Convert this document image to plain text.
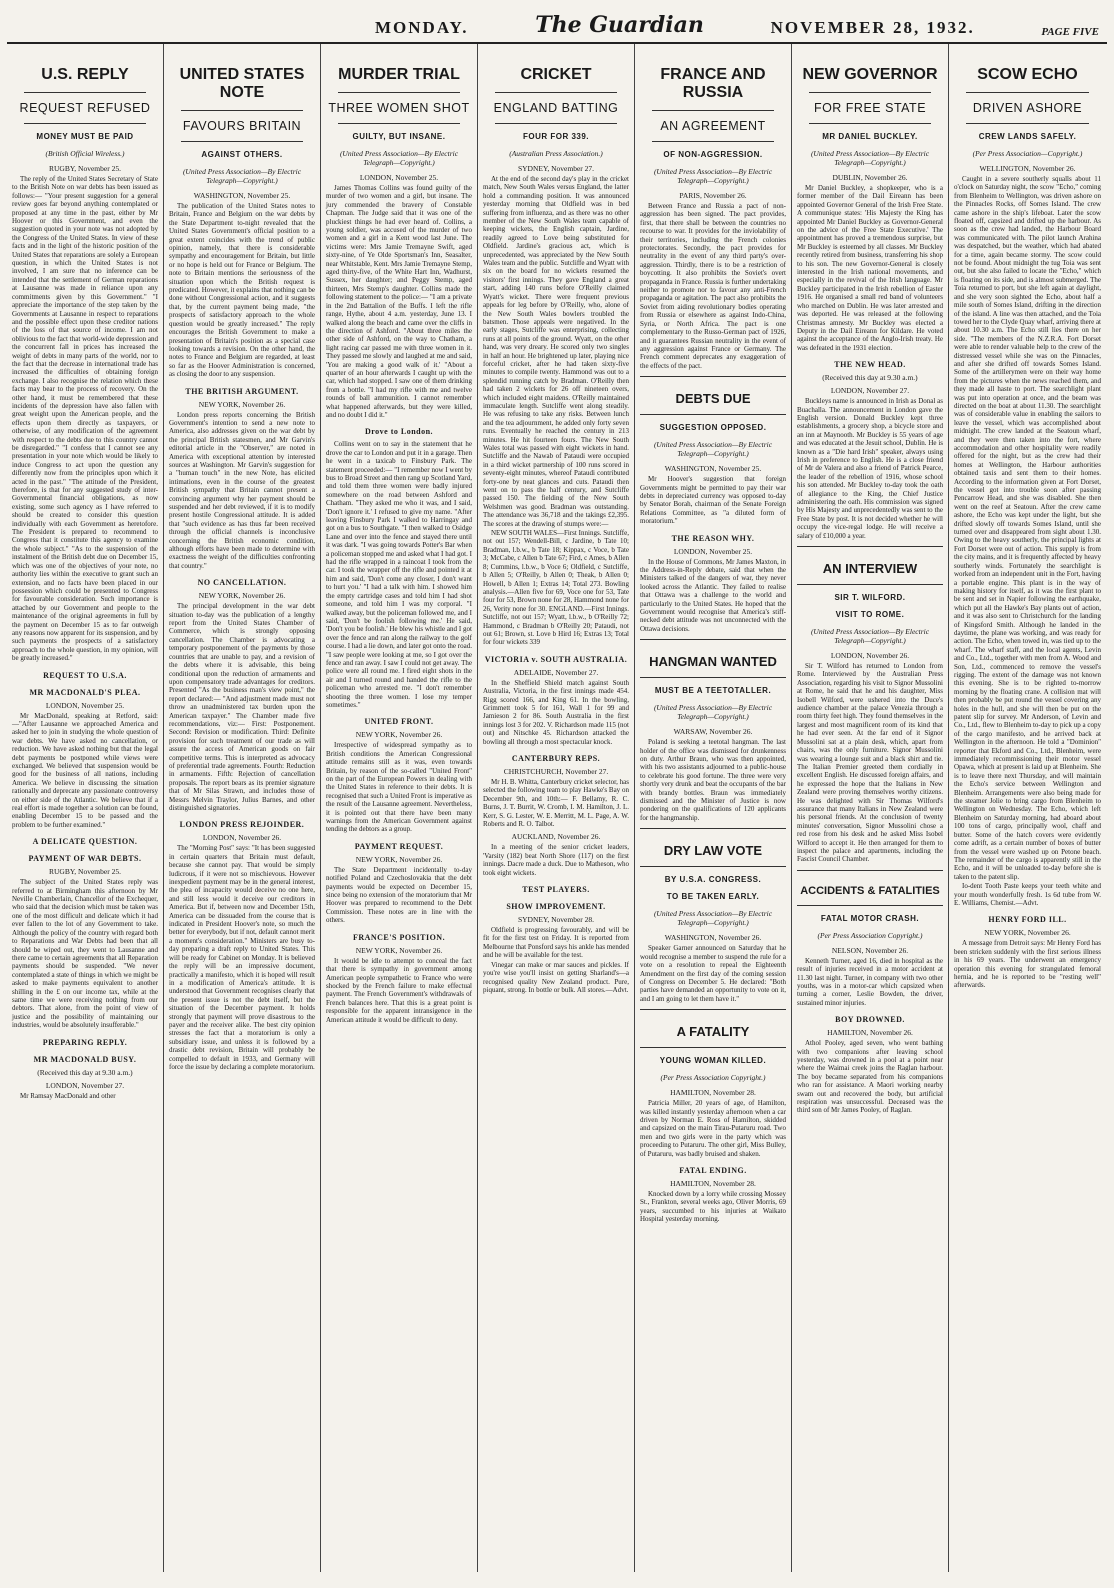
MONDAY.	The Guardian	NOVEMBER 28, 1932.	PAGE FIVE
U.S. REPLY
REQUEST REFUSED
MONEY MUST BE PAID
(British Official Wireless.)
RUGBY, November 25.

The reply of the United States Secretary of State to the British Note on war debts has been issued as follows:— "Your present suggestion for a general review goes far beyond anything contemplated or proposed at any time in the past, either by Mr Hoover or this Government, and even the suggestion quoted in your note was not adopted by the Congress of the United States. In view of these facts and in the light of the historic position of the United States that reparations are solely a European question, in which the United States is not involved, I am sure that no inference can be intended that the settlement of German reparations at Lausanne was made in reliance upon any commitments given by this Government." "I appreciate the importance of the step taken by the Governments at Lausanne in respect to reparations and the possible effect upon these creditor nations of the loss of that source of income. I am not oblivious to the fact that world-wide depression and the concurrent fall in prices has increased the weight of debts in many parts of the world, nor to the fact that the decrease in international trade has increased the difficulties of obtaining foreign exchange. I also recognise the relation which these facts may bear to the process of recovery. On the other hand, it must be remembered that these incidents of the depression have also fallen with great weight upon the American people, and the effects upon them directly as taxpayers, or otherwise, of any modification of the agreement with respect to the debts due to this country cannot be disregarded." "I confess that I cannot see any presentation in your note which would be likely to induce Congress to act upon the question any differently now from the principles upon which it acted in the past." "The attitude of the President, therefore, is that for any suggested study of inter-Governmental financial obligations, as now existing, some such agency as I have referred to should be created to consider this question individually with each Government as heretofore. The President is prepared to recommend to Congress that it constitute this agency to examine the whole subject." "As to the suspension of the instalment of the British debt due on December 15, which was one of the objectives of your note, no authority lies within the executive to grant such an extension, and no facts have been placed in our possession which could be presented to Congress for favourable consideration. Such importance is attached by our Government and people to the maintenance of the original agreements in full by the payment on December 15 as to far outweigh any reasons now apparent for its suspension, and by such payments the prospects of a satisfactory approach to the whole question, in my opinion, will be greatly increased."

REQUEST TO U.S.A.
MR MACDONALD'S PLEA.
LONDON, November 25.

Mr MacDonald, speaking at Retford, said:—"After Lausanne we approached America and asked her to join in studying the whole question of war debts. We have asked no cancellation, or reduction. We have asked nothing but that the legal debt payments be postponed while views were exchanged. We believed that suspension would be good for the business of all nations, including America. We believe in discussing the situation rationally and deprecate any passionate controversy on either side of the Atlantic. We believe that if a real effort is made together a solution can be found, enabling December 15 to be passed and the problem to be further examined."

A DELICATE QUESTION.
PAYMENT OF WAR DEBTS.
RUGBY, November 25.

The subject of the United States reply was referred to at Birmingham this afternoon by Mr Neville Chamberlain, Chancellor of the Exchequer, who said that the decision which must be taken was one of the most difficult and delicate which it had ever fallen to the lot of any Government to take. Although the policy of the country with regard both to Reparations and War Debts had been that all should be wiped out, they went to Lausanne and there came to certain agreements that all Reparation payments should be suspended. "We never contemplated a state of things in which we might be asked to make payments equivalent to another shilling in the £ on our income tax, while at the same time we were receiving nothing from our debtors. That alone, from the point of view of justice and the possibility of maintaining our industries, would be absolutely insufferable."

PREPARING REPLY.
MR MACDONALD BUSY.
(Received this day at 9.30 a.m.)
LONDON, November 27.

Mr Ramsay MacDonald and other

UNITED STATES NOTE
FAVOURS BRITAIN
AGAINST OTHERS.
(United Press Association—By Electric Telegraph—Copyright.)
WASHINGTON, November 25.

The publication of the United States notes to Britain, France and Belgium on the war debts by the State Department to-night revealed that the United States Government's official position to a great extent coincides with the trend of public opinion, namely, that there is considerable sympathy and encouragement for Britain, but little or no hope is held out for France or Belgium. The note to Britain mentions the seriousness of the situation upon which the British request is predicated. However, it explains that nothing can be done without Congressional action, and it suggests that, by the current payment being made, "the prospects of satisfactory approach to the whole question would be greatly increased." The reply encourages the British Government to make a presentation of Britain's position as a special case looking towards a revision. On the other hand, the notes to France and Belgium are regarded, at least so far as the Hoover Administration is concerned, as closing the door to any suspension.

THE BRITISH ARGUMENT.
NEW YORK, November 26.

London press reports concerning the British Government's intention to send a new note to America, also addresses given on the war debt by the principal British statesmen, and Mr Garvin's editorial article in the "Observer," are noted in America with exceptional attention by interested sources at Washington. Mr Garvin's suggestion for a "human touch" in the new Note, has elicited intimations, even in the course of the greatest British sympathy that Britain cannot present a convincing argument why her payment should be suspended and her debt reviewed, if it is to modify present hostile Congressional attitude. It is added that "such evidence as has thus far been received through the official channels is inconclusive concerning the British economic condition, although efforts have been made to determine with exactness the weight of the difficulties confronting that country."

NO CANCELLATION.
NEW YORK, November 26.

The principal development in the war debt situation to-day was the publication of a lengthy report from the United States Chamber of Commerce, which is strongly opposing cancellation. The Chamber is advocating a temporary postponement of the payments by those countries that are unable to pay, and a revision of the debts where it is advisable, this being conditional upon the reduction of armaments and upon compensatory trade advantages for creditors. Presented "As the business man's view point," the report declared:— "And adjustment made must not throw an unadministered tax burden upon the American taxpayer." The Chamber made five recommendations, viz:— First: Postponement. Second: Revision or modification. Third: Definite provision for such treatment of our trade as will assure the access of American goods on fair competitive terms. This is interpreted as advocacy of preferential trade agreements. Fourth: Reduction in armaments. Fifth: Rejection of cancellation proposals. The report bears as its premier signature that of Mr Silas Strawn, and includes those of Messrs Melvin Traylor, Julius Barnes, and other distinguished signatories.

LONDON PRESS REJOINDER.
LONDON, November 26.

The "Morning Post" says: "It has been suggested in certain quarters that Britain must default, because she cannot pay. That would be simply ludicrous, if it were not so mischievous. However inexpedient payment may be in the general interest, the plea of incapacity would deceive no one here, and still less would it deceive our creditors in America. But if, between now and December 15th, America can be dissuaded from the course that is indicated in President Hoover's note, so much the better for everybody, but if not, default cannot merit a moment's consideration." Ministers are busy to-day preparing a draft reply to United States. This will be ready for Cabinet on Monday. It is believed the reply will be an impressive document, practically a manifesto, which it is hoped will result in a modification of America's attitude. It is understood that Government recognises clearly that the present issue is not the debt itself, but the situation of the December payment. It holds strongly that payment will prove disastrous to the payer and the receiver alike. The best city opinion stresses the fact that a moratorium is only a subsidiary issue, and unless it is followed by a drastic debt revision, Britain will probably be compelled to default in 1933, and Germany will force the issue by declaring a complete moratorium.

MURDER TRIAL
THREE WOMEN SHOT
GUILTY, BUT INSANE.
(United Press Association—By Electric Telegraph—Copyright.)
LONDON, November 25.

James Thomas Collins was found guilty of the murder of two women and a girl, but insane. The jury commended the bravery of Constable Chapman. The Judge said that it was one of the pluckiest things he had ever heard of. Collins, a young soldier, was accused of the murder of two women and a girl in a Kent wood last June. The victims were: Mrs Jamie Tremayne Swift, aged sixty-nine, of Ye Olde Sportsman's Inn, Seasalter, near Whitstable, Kent. Mrs Jamie Tremayne Stemp, aged thirty-five, of the White Hart Inn, Wadhurst, Sussex, her daughter; and Peggy Stemp, aged thirteen, Mrs Stemp's daughter. Collins made the following statement to the police:— "I am a private in the 2nd Battalion of the Buffs. I left the rifle range, Hythe, about 4 a.m. yesterday, June 13. I walked along the beach and came over the cliffs in the direction of Ashford. "About three miles the other side of Ashford, on the way to Chatham, a light racing car passed me with three women in it. They passed me slowly and laughed at me and said, 'You are making a good walk of it.' "About a quarter of an hour afterwards I caught up with the car, which had stopped. I saw one of them drinking from a bottle. "I had my rifle with me and twelve rounds of ball ammunition. I cannot remember what happened afterwards, but they were killed, and no doubt I did it."

Drove to London.

Collins went on to say in the statement that he drove the car to London and put it in a garage. Then he went in a taxicab to Finsbury Park. The statement proceeded:— "I remember now I went by bus to Broad Street and then rang up Scotland Yard, and told them three women were badly injured somewhere on the road between Ashford and Chatham. "They asked me who it was, and I said, 'Don't ignore it.' I refused to give my name. "After leaving Finsbury Park I walked to Harringay and got on a bus to Southgate. "I then walked to Osidge Lane and over into the fence and stayed there until it was dark. "I was going towards Potter's Bar when a policeman stopped me and asked what I had got. I had the rifle wrapped in a raincoat I took from the car. I took the wrapper off the rifle and pointed it at him and said, 'Don't come any closer, I don't want to hurt you.' "I had a talk with him. I showed him the empty cartridge cases and told him I had shot someone, and told him I was my corporal. "I walked away, but the policeman followed me, and I said, 'Don't be foolish following me.' He said, 'Don't you be foolish.' He blew his whistle and I got over the fence and ran along the railway to the golf course. I had a lie down, and later got onto the road. "I saw people were looking at me, so I got over the fence and ran away. I saw I could not get away. The police were all round me. I fired eight shots in the air and I turned round and handed the rifle to the policeman who arrested me. "I don't remember shooting the three women. I lose my temper sometimes."

UNITED FRONT.
NEW YORK, November 26.

Irrespective of widespread sympathy as to British conditions the American Congressional attitude remains still as it was, even towards Britain, by reason of the so-called "United Front" on the part of the European Powers in dealing with the United States in reference to their debts. It is recognised that such a United Front is imperative as the result of the Lausanne agreement. Nevertheless, it is pointed out that there have been many warnings from the American Government against tending the debtors as a group.

PAYMENT REQUEST.
NEW YORK, November 26.

The State Department incidentally to-day notified Poland and Czechoslovakia that the debt payments would be expected on December 15, since being no extension of the moratorium that Mr Hoover was prepared to recommend to the Debt Commission. These notes are in line with the others.

FRANCE'S POSITION.
NEW YORK, November 26.

It would be idle to attempt to conceal the fact that there is sympathy in government among American people sympathetic to France who were shocked by the French failure to make effectual payment. The French Government's withdrawals of French balances here. That this is a great point is responsible for the apparent intransigence in the American attitude it would be difficult to deny.

CRICKET
ENGLAND BATTING
FOUR FOR 339.
(Australian Press Association.)
SYDNEY, November 27.

At the end of the second day's play in the cricket match, New South Wales versus England, the latter hold a commanding position. It was announced yesterday morning that Oldfield was in bed suffering from influenza, and as there was no other member of the New South Wales team capable of keeping wickets, the English captain, Jardine, readily agreed to Love being substituted for Oldfield. Jardine's gracious act, which is unprecedented, was appreciated by the New South Wales team and the public. Sutcliffe and Wyatt with six on the board for no wickets resumed the visitors' first innings. They gave England a great start, adding 140 runs before O'Reilly claimed Wyatt's wicket. There were frequent previous appeals for leg before by O'Reilly, who, alone of the New South Wales bowlers troubled the batsmen. Those appeals were negatived. In the early stages, Sutcliffe was enterprising, collecting runs at all points of the ground. Wyatt, on the other hand, was very dreary. He scored only two singles in half an hour. He brightened up later, playing nice forceful cricket, after he had taken sixty-five minutes to compile twenty. Hammond was out to a splendid running catch by Bradman. O'Reilly then had taken 2 wickets for 26 off nineteen overs, which included eight maidens. O'Reilly maintained immaculate length. Sutcliffe went along steadily. He was refusing to take any risks. Between lunch and the tea adjournment, he added only forty seven runs. Eventually he reached the century in 213 minutes. He hit fourteen fours. The New South Wales total was passed with eight wickets in hand. Sutcliffe and the Nawab of Pataudi were occupied in a third wicket partnership of 100 runs scored in seventy-eight minutes, whereof Pataudi contributed forty-one by neat glances and cuts. Pataudi then went on to pass the half century, and Sutcliffe passed 150. The fielding of the New South Welshmen was good. Bradman was outstanding. The attendance was 36,718 and the takings £2,395. The scores at the drawing of stumps were:—

NEW SOUTH WALES—First Innings. Sutcliffe, not out 157; Wendell-Bill, c Jardine, b Tate 10; Bradman, l.b.w., b Tate 18; Kippax, c Voce, b Tate 3; McCabe, c Allen b Tate 67; Fird, c Ames, b Allen 8; Cummins, l.b.w., b Voce 6; Oldfield, c Sutcliffe, b Allen 5; O'Reilly, b Allen 0; Theak, b Allen 0; Howell, b Allen 1; Extras 14; Total 273. Bowling analysis.—Allen five for 69, Voce one for 53, Tate four for 53, Brown none for 28, Hammond none for 26, Verity none for 30. ENGLAND.—First Innings. Sutcliffe, not out 157; Wyatt, l.b.w., b O'Reilly 72; Hammond, c Bradman b O'Reilly 20; Pataudi, not out 61; Brown, st. Love b Hird 16; Extras 13; Total for four wickets 339

VICTORIA v. SOUTH AUSTRALIA.
ADELAIDE, November 27.

In the Sheffield Shield match against South Australia, Victoria, in the first innings made 454. Rigg scored 166, and King 61. In the bowling, Grimmett took 5 for 161, Wall 1 for 99 and Jamieson 2 for 86. South Australia in the first innings lost 3 for 202. V. Richardson made 115 (not out) and Nitschke 45. Richardson attacked the bowling all through a most spectacular knock.

CANTERBURY REPS.
CHRISTCHURCH, November 27.

Mr H. B. Whitta, Canterbury cricket selector, has selected the following team to play Hawke's Bay on December 9th, and 10th:— F. Bellamy, R. C. Burns, J. T. Burrit, W. Cromb, I. M. Hamilton, J. L. Kerr, S. G. Lester, W. E. Merritt, M. L. Page, A. W. Roberts and R. O. Talbot.

AUCKLAND, November 26.

In a meeting of the senior cricket leaders, 'Varsity (182) beat North Shore (117) on the first innings. Dacre made a duck. Due to Matheson, who took eight wickets.

TEST PLAYERS.
SHOW IMPROVEMENT.
SYDNEY, November 28.

Oldfield is progressing favourably, and will be fit for the first test on Friday. It is reported from Melbourne that Ponsford says his ankle has mended and he will be available for the test.

Vinegar can make or mar sauces and pickles. If you're wise you'll insist on getting Sharland's—a recognised quality New Zealand product. Pure, piquant, strong. In bottle or bulk. All stores.—Advt.

FRANCE AND RUSSIA
AN AGREEMENT
OF NON-AGGRESSION.
(United Press Association—By Electric Telegraph—Copyright.)
PARIS, November 26.

Between France and Russia a pact of non-aggression has been signed. The pact provides, first, that there shall be between the countries no recourse to war. It provides for the inviolability of their territories, including the French colonies protectorates. Secondly, the pact provides for neutrality in the event of any third party's over-aggression. Thirdly, there is to be a restriction of boycotting. It also prohibits the Soviet's overt propaganda in France. Russia is further undertaking neither to promote nor to favour any anti-French propaganda or agitation. The pact also prohibits the Soviet from aiding revolutionary bodies operating from Russia or elsewhere as against Indo-China, Syria, or North Africa. The pact is one complementary to the Russo-German pact of 1926, and it guarantees Russian neutrality in the event of any aggression against France or Germany. The French comment deprecates any exaggeration of the effects of the pact.

DEBTS DUE
SUGGESTION OPPOSED.
(United Press Association—By Electric Telegraph—Copyright.)
WASHINGTON, November 25.

Mr Hoover's suggestion that foreign Governments might be permitted to pay their war debts in depreciated currency was opposed to-day by Senator Borah, chairman of the Senate Foreign Relations Committee, as "a diluted form of moratorium."

THE REASON WHY.
LONDON, November 25.

In the House of Commons, Mr James Maxton, in the Address-in-Reply debate, said that when the Ministers talked of the dangers of war, they never looked across the Atlantic. They failed to realise that Ottawa was a challenge to the world and particularly to the United States. He hoped that the Government would recognise that America's stiff-necked debt attitude was not unconnected with the Ottawa decisions.

HANGMAN WANTED
MUST BE A TEETOTALLER.
(United Press Association—By Electric Telegraph—Copyright.)
WARSAW, November 26.

Poland is seeking a teetotal hangman. The last holder of the office was dismissed for drunkenness on duty. Arthur Braun, who was then appointed, with his two assistants adjourned to a public-house to celebrate his good fortune. The three were very shortly very drunk and beat the occupants of the bar with brandy bottles. Braun was immediately dismissed and the Minister of Justice is now pondering on the qualifications of 120 applicants for the hangmanship.

DRY LAW VOTE
BY U.S.A. CONGRESS.
TO BE TAKEN EARLY.
(United Press Association—By Electric Telegraph—Copyright.)
WASHINGTON, November 26.

Speaker Garner announced on Saturday that he would recognise a member to suspend the rule for a vote on a resolution to repeal the Eighteenth Amendment on the first day of the coming session of Congress on December 5. He declared: "Both parties have demanded an opportunity to vote on it, and I am going to let them have it."

A FATALITY
YOUNG WOMAN KILLED.
(Per Press Association Copyright.)
HAMILTON, November 28.

Patricia Miller, 20 years of age, of Hamilton, was killed instantly yesterday afternoon when a car driven by Norman E. Ross of Hamilton, skidded and capsized on the main Tirau-Putaruru road. Two men and two girls were in the party which was proceeding to Putaruru. The other girl, Miss Bulley, of Putaruru, was badly bruised and shaken.

FATAL ENDING.
HAMILTON, November 28.

Knocked down by a lorry while crossing Mossey St., Frankton, several weeks ago, Oliver Morris, 69 years, succumbed to his injuries at Waikato Hospital yesterday morning.

NEW GOVERNOR
FOR FREE STATE
MR DANIEL BUCKLEY.
(United Press Association—By Electric Telegraph—Copyright.)
DUBLIN, November 26.

Mr Daniel Buckley, a shopkeeper, who is a former member of the Dail Eireann has been appointed Governor General of the Irish Free State. A communique states: 'His Majesty the King has appointed Mr Daniel Buckley as Governor-General on the advice of the Free State Executive.' The appointment has proved a tremendous surprise, but Mr Buckley is esteemed by all classes. Mr Buckley recently retired from business, transferring his shop to his son. The new Governor-General is closely interested in the Irish national movements, and especially in the revival of the Irish language. Mr Buckley participated in the Irish rebellion of Easter 1916. He organised a small red band of volunteers who marched on Dublin. He was later arrested and was deported. He was released at the following Christmas amnesty. Mr Buckley was elected a Deputy in the Dail Eireann for Kildare. He voted against the acceptance of the Anglo-Irish treaty. He was defeated in the 1931 election.

THE NEW HEAD.
(Received this day at 9.30 a.m.)
LONDON, November 27.

Buckleys name is announced in Irish as Donal as Buachalla. The announcement in London gave the English version. Donald Buckley kept three establishments, a grocery shop, a bicycle store and an inn at Maynooth. Mr Buckley is 55 years of age and was educated at the Jesuit school, Dublin. He is known as a "Die hard Irish" speaker, always using Irish in preference to English. He is a close friend of Mr de Valera and also a friend of Patrick Pearce, the leader of the rebellion of 1916, whose school his son attended. Mr Buckley to-day took the oath of allegiance to the King, the Chief Justice administering the oath. His commission was signed by His Majesty and unprecedentedly was sent to the Free State by post. It is not decided whether he will occupy the vice-regal lodge. He will receive a salary of £10,000 a year.

AN INTERVIEW
SIR T. WILFORD.
VISIT TO ROME.
(United Press Association—By Electric Telegraph—Copyright.)
LONDON, November 26.

Sir T. Wilford has returned to London from Rome. Interviewed by the Australian Press Association, regarding his visit to Signor Mussolini at Rome, he said that he and his daughter, Miss Isobell Wilford, were ushered into the Duce's audience chamber at the palace Venezia through a room thirty feet high. They found themselves in the largest and most magnificent room of its kind that he had ever seen. At the far end of it Signor Mussolini sat at a plain desk, which, apart from chairs, was the only furniture. Signor Mussolini was wearing a lounge suit and a black shirt and tie. The Italian Premier greeted them cordially in excellent English. He discussed foreign affairs, and he expressed the hope that the Italians in New Zealand were proving themselves worthy citizens. He was delighted with Sir Thomas Wilford's assurance that many Italians in New Zealand were his personal friends. At the conclusion of twenty minutes' conversation, Signor Mussolini chose a red rose from his desk and he asked Miss Isobel Wilford to accept it. He then arranged for them to inspect the palace and apartments, including the Fascist Council Chamber.

ACCIDENTS & FATALITIES
FATAL MOTOR CRASH.
(Per Press Association Copyright.)
NELSON, November 26.

Kenneth Turner, aged 16, died in hospital as the result of injuries received in a motor accident at 11.30 last night. Turner, in company with two other youths, was in a motor-car which capsized when turning a corner, Leslie Bowden, the driver, sustained minor injuries.

BOY DROWNED.
HAMILTON, November 26.

Athol Pooley, aged seven, who went bathing with two companions after leaving school yesterday, was drowned in a pool at a point near where the Waimai creek joins the Raglan harbour. The boy became separated from his companions who ran for assistance. A Maori working nearby swam out and recovered the body, but artificial respiration was unsuccessful. Deceased was the third son of Mr James Pooley, of Raglan.

SCOW ECHO
DRIVEN ASHORE
CREW LANDS SAFELY.
(Per Press Association—Copyright.)
WELLINGTON, November 26.

Caught in a severe southerly squalls about 11 o'clock on Saturday night, the scow "Echo," coming from Blenheim to Wellington, was driven ashore on the Pinnacles Rocks, off Somes Island. The crew came ashore in the ship's lifeboat. Later the scow floated off, capsized and drifted up the harbour. As soon as the crew had landed, the Harbour Board was communicated with. The pilot launch Arahina was despatched, but the weather, which had abated for a time, again became stormy. The scow could not be found. About midnight the tug Toia was sent out, but she also failed to locate the "Echo," which is floating on its side, and is almost submerged. The Toia returned to port, but she left again at daylight, and she very soon sighted the Echo, about half a mile south of Somes Island, drifting in the direction of the island. A line was then attached, and the Toia towed her to the Clyde Quay wharf, arriving there at about 10.30 a.m. The Echo still lies there on her side. "The members of the N.Z.R.A. Fort Dorset were able to render valuable help to the crew of the distressed vessel while she was on the Pinnacles, and after she drifted off towards Somes Island. Some of the artillerymen were on their way home from the pictures when the news reached them, and they made all haste to port. The searchlight plant was put into operation at once, and the beam was directed on the boat at about 11.30. The searchlight was of considerable value in enabling the sailors to leave the vessel, which was accomplished about midnight. The crew landed at the Seatoun wharf, and they were then taken into the fort, where accommodation and other hospitality were readily offered for the night, but as the crew had their homes at Wellington, the Harbour authorities obtained taxis and sent them to their homes. According to the information given at Fort Dorset, the vessel got into trouble soon after passing Pencarrow Head, and she was disabled. She then went on the reef at Seatoun. After the crew came ashore, the Echo was kept under the light, but she drifted slowly off towards Somes Island, until she turned over and disappeared from sight about 1.30. Owing to the heavy southerly, the principal lights at Fort Dorset were out of action. This supply is from the city mains, and it is frequently affected by heavy southerly winds. Fortunately the searchlight is worked from an independent unit in the Fort, having a portable engine. This plant is in the way of making history for itself, as it was the first plant to be sent and set in Napier following the earthquake, which put all the Hawke's Bay plants out of action, and it was also sent to Christchurch for the landing of Kingsford Smith. Although he landed in the daytime, the plane was working, and was ready for action. The Echo, when towed in, was tied up to the wharf. The wharf staff, and the local agents, Levin and Co., Ltd., together with men from A. Wood and Son, Ltd., commenced to remove the vessel's rigging. The extent of the damage was not known this evening. She is to be righted to-morrow morning by the floating crane. A collision mat will then probably be put round the vessel covering any holes in the hull, and she will then be put on the patent slip for survey. Mr Anderson, of Levin and Co., Ltd., flew to Blenheim to-day to pick up a copy of the cargo manifesto, and he arrived back at Wellington in the afternoon. He told a "Dominion" reporter that Ekford and Co., Ltd., Blenheim, were immediately recommissioning their motor vessel Opawa, which at present is laid up at Blenheim. She is to leave there next Thursday, and will maintain the Echo's service between Wellington and Blenheim. Arrangements were also being made for the steamer Jolie to bring cargo from Blenheim to Wellington on Wednesday. The Echo, which left Blenheim on Saturday morning, had aboard about 100 tons of cargo, principally wool, chaff and butter. Some of the hatch covers were evidently come adrift, as a certain number of boxes of butter from the vessel were washed up on Petone beach. The remainder of the cargo is apparently still in the Echo, and it will be unloaded to-day before she is taken to the patent slip.

Io-dent Tooth Paste keeps your teeth white and your mouth wonderfully fresh. 1s 6d tube from W. E. Williams, Chemist.—Advt.

HENRY FORD ILL.
NEW YORK, November 26.

A message from Detroit says: Mr Henry Ford has been stricken suddenly with the first serious illness in his 69 years. The underwent an emergency operation this evening for strangulated femoral hernia, and he is reported to be "resting well" afterwards.
